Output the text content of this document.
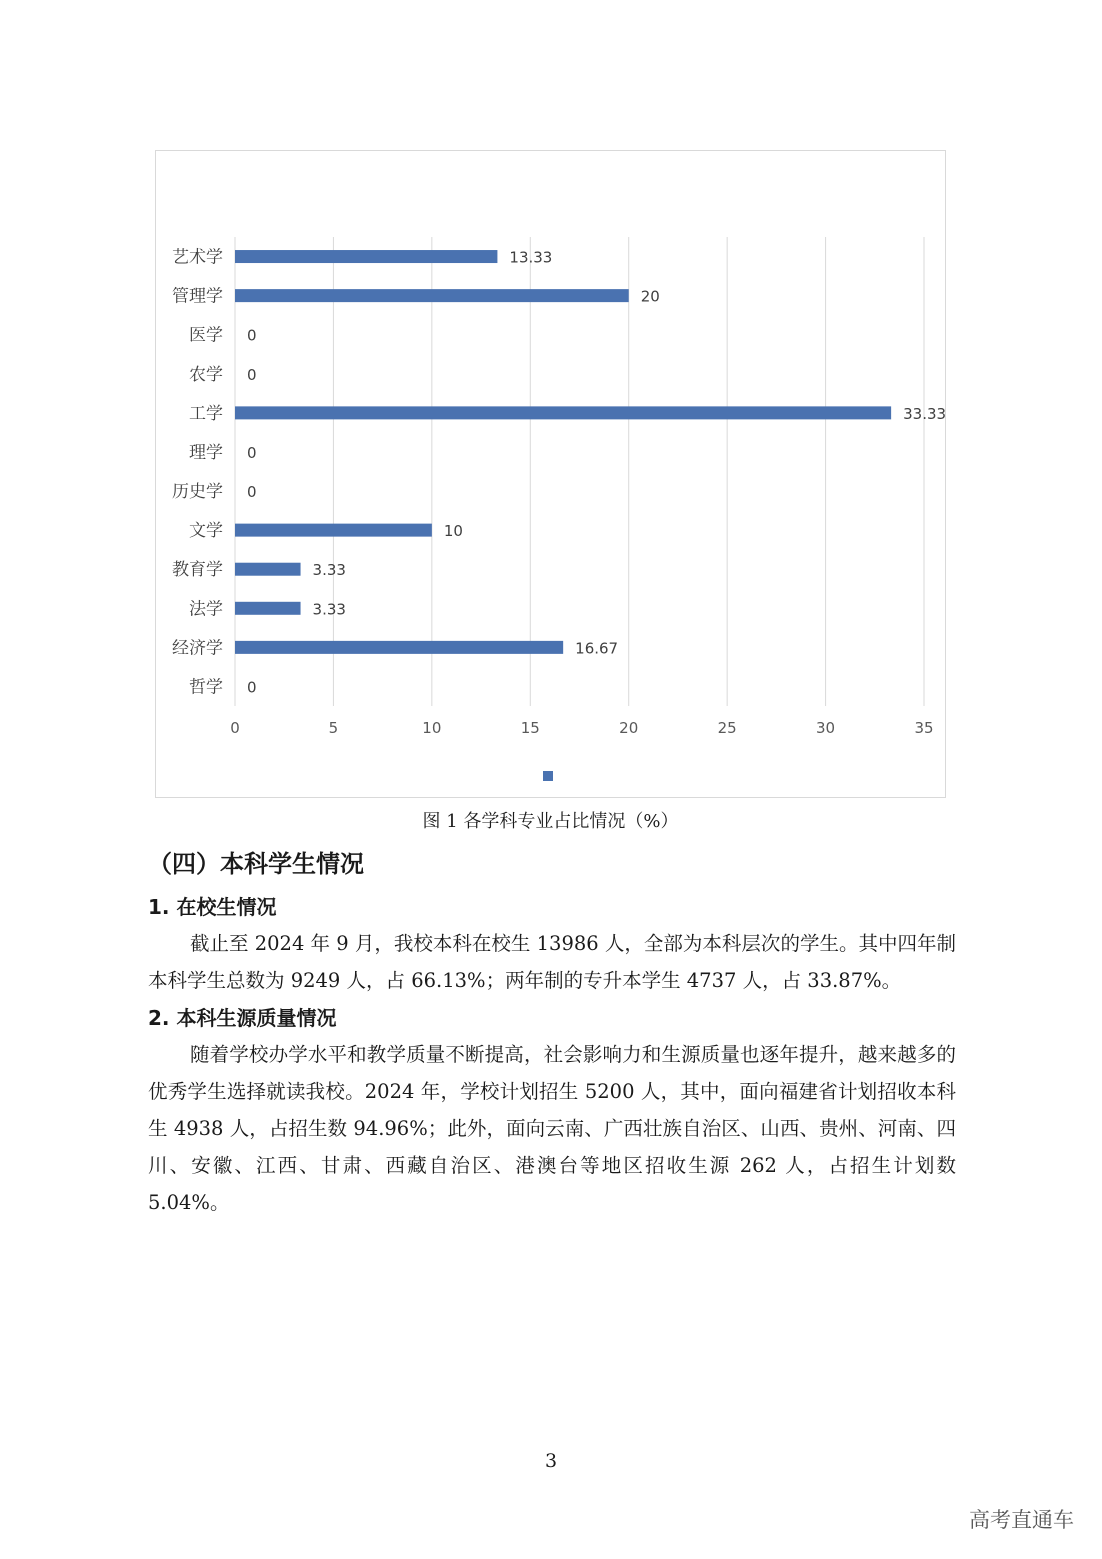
0	5	10	15	20	25	30	35
艺术学	13.33
管理学	20
医学 0
农学 0
工学	33.33
理学 0
历史学 0
文学	10
教育学	3.33
法学	3.33
经济学	16.67
哲学 0
图 1 各学科专业占比情况（%）
（四）本科学生情况
1. 在校生情况
截止至 2024 年 9 月，我校本科在校生 13986 人，全部为本科层次的学生。其中四年制本科学生总数为 9249 人，占 66.13%；两年制的专升本学生 4737 人，占 33.87%。
2. 本科生源质量情况
随着学校办学水平和教学质量不断提高，社会影响力和生源质量也逐年提升，越来越多的优秀学生选择就读我校。2024 年，学校计划招生 5200 人，其中，面向福建省计划招收本科生 4938 人，占招生数 94.96%；此外，面向云南、广西壮族自治区、山西、贵州、河南、四川、安徽、江西、甘肃、西藏自治区、港澳台等地区招收生源 262 人，占招生计划数 5.04%。
3
高考直通车
